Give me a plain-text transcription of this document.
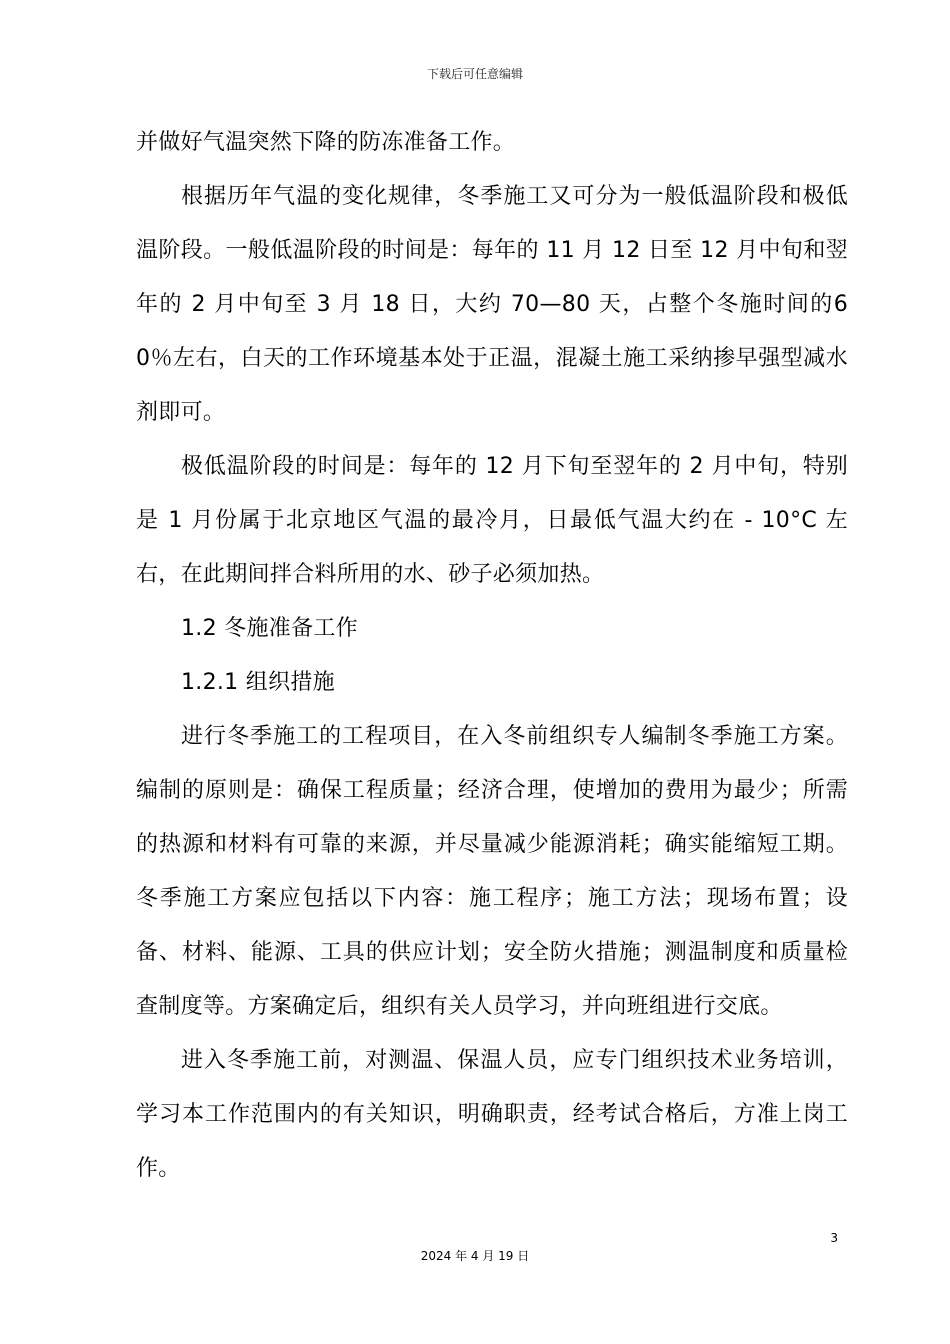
下载后可任意编辑

并做好气温突然下降的防冻准备工作。

根据历年气温的变化规律，冬季施工又可分为一般低温阶段和极低温阶段。一般低温阶段的时间是：每年的 11 月 12 日至 12 月中旬和翌年的 2 月中旬至 3 月 18 日，大约 70—80 天，占整个冬施时间的60％左右，白天的工作环境基本处于正温，混凝土施工采纳掺早强型减水剂即可。

极低温阶段的时间是：每年的 12 月下旬至翌年的 2 月中旬，特别是 1 月份属于北京地区气温的最冷月，日最低气温大约在 - 10°C 左右，在此期间拌合料所用的水、砂子必须加热。

1.2 冬施准备工作

1.2.1 组织措施

进行冬季施工的工程项目，在入冬前组织专人编制冬季施工方案。编制的原则是：确保工程质量；经济合理，使增加的费用为最少；所需的热源和材料有可靠的来源，并尽量减少能源消耗；确实能缩短工期。冬季施工方案应包括以下内容：施工程序；施工方法；现场布置；设备、材料、能源、工具的供应计划；安全防火措施；测温制度和质量检查制度等。方案确定后，组织有关人员学习，并向班组进行交底。

进入冬季施工前，对测温、保温人员，应专门组织技术业务培训，学习本工作范围内的有关知识，明确职责，经考试合格后，方准上岗工作。

3
2024 年 4 月 19 日
